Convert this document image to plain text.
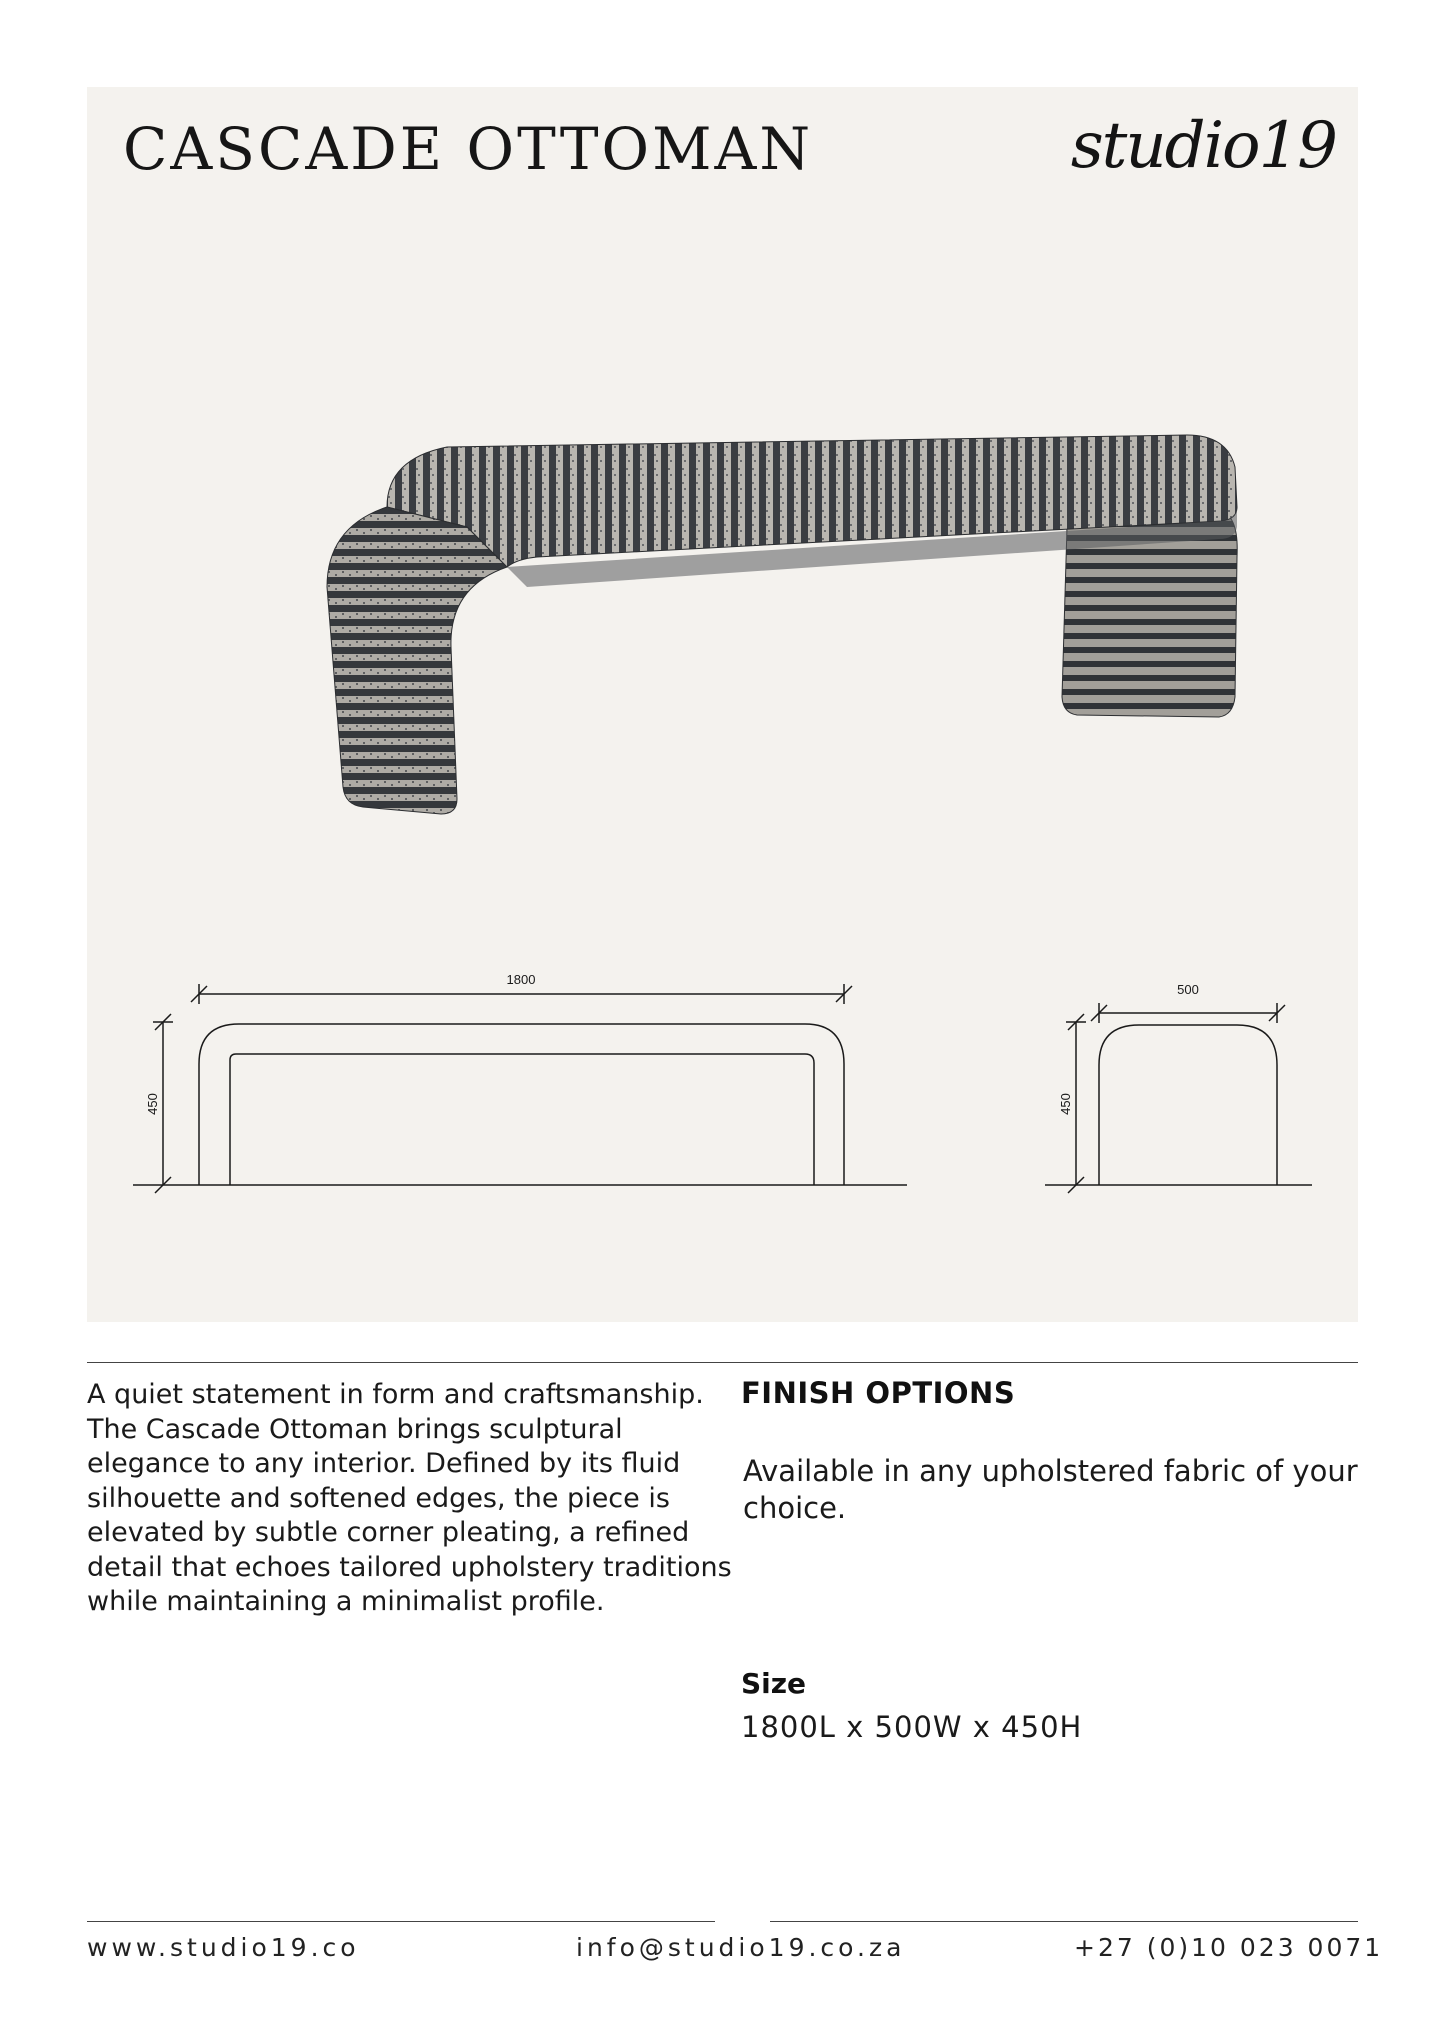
1800
500
450	450
CASCADE OTTOMAN	studio19

A quiet statement in form and craftsmanship. The Cascade Ottoman brings sculptural elegance to any interior. Defined by its fluid silhouette and softened edges, the piece is elevated by subtle corner pleating, a refined detail that echoes tailored upholstery traditions while maintaining a minimalist profile.

FINISH OPTIONS

Available in any upholstered fabric of your choice.

Size

1800L x 500W x 450H

www.studio19.co	info@studio19.co.za	+27 (0)10 023 0071
